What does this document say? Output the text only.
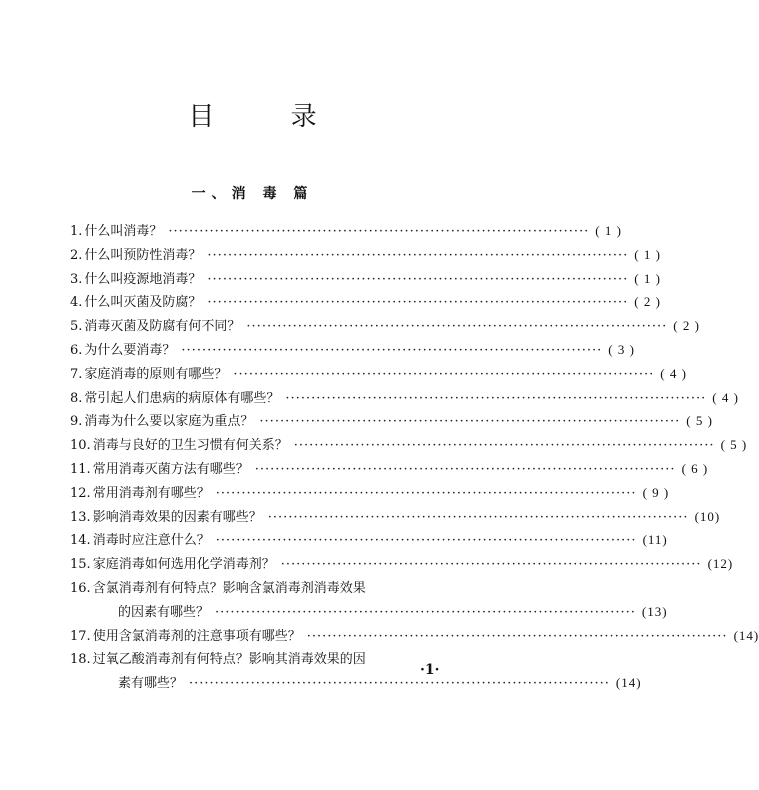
目 录
一、消 毒 篇
1. 什么叫消毒？ ·················································································· ( 1 )
2. 什么叫预防性消毒？ ·················································································· ( 1 )
3. 什么叫疫源地消毒？ ·················································································· ( 1 )
4. 什么叫灭菌及防腐？ ·················································································· ( 2 )
5. 消毒灭菌及防腐有何不同？ ·················································································· ( 2 )
6. 为什么要消毒？ ·················································································· ( 3 )
7. 家庭消毒的原则有哪些？ ·················································································· ( 4 )
8. 常引起人们患病的病原体有哪些？ ·················································································· ( 4 )
9. 消毒为什么要以家庭为重点？ ·················································································· ( 5 )
10. 消毒与良好的卫生习惯有何关系？ ·················································································· ( 5 )
11. 常用消毒灭菌方法有哪些？ ·················································································· ( 6 )
12. 常用消毒剂有哪些？ ·················································································· ( 9 )
13. 影响消毒效果的因素有哪些？ ·················································································· (10)
14. 消毒时应注意什么？ ·················································································· (11)
15. 家庭消毒如何选用化学消毒剂？ ·················································································· (12)
16. 含氯消毒剂有何特点？影响含氯消毒剂消毒效果
的因素有哪些？ ·················································································· (13)
17. 使用含氯消毒剂的注意事项有哪些？ ·················································································· (14)
18. 过氧乙酸消毒剂有何特点？影响其消毒效果的因
素有哪些？ ·················································································· (14)
·1·
